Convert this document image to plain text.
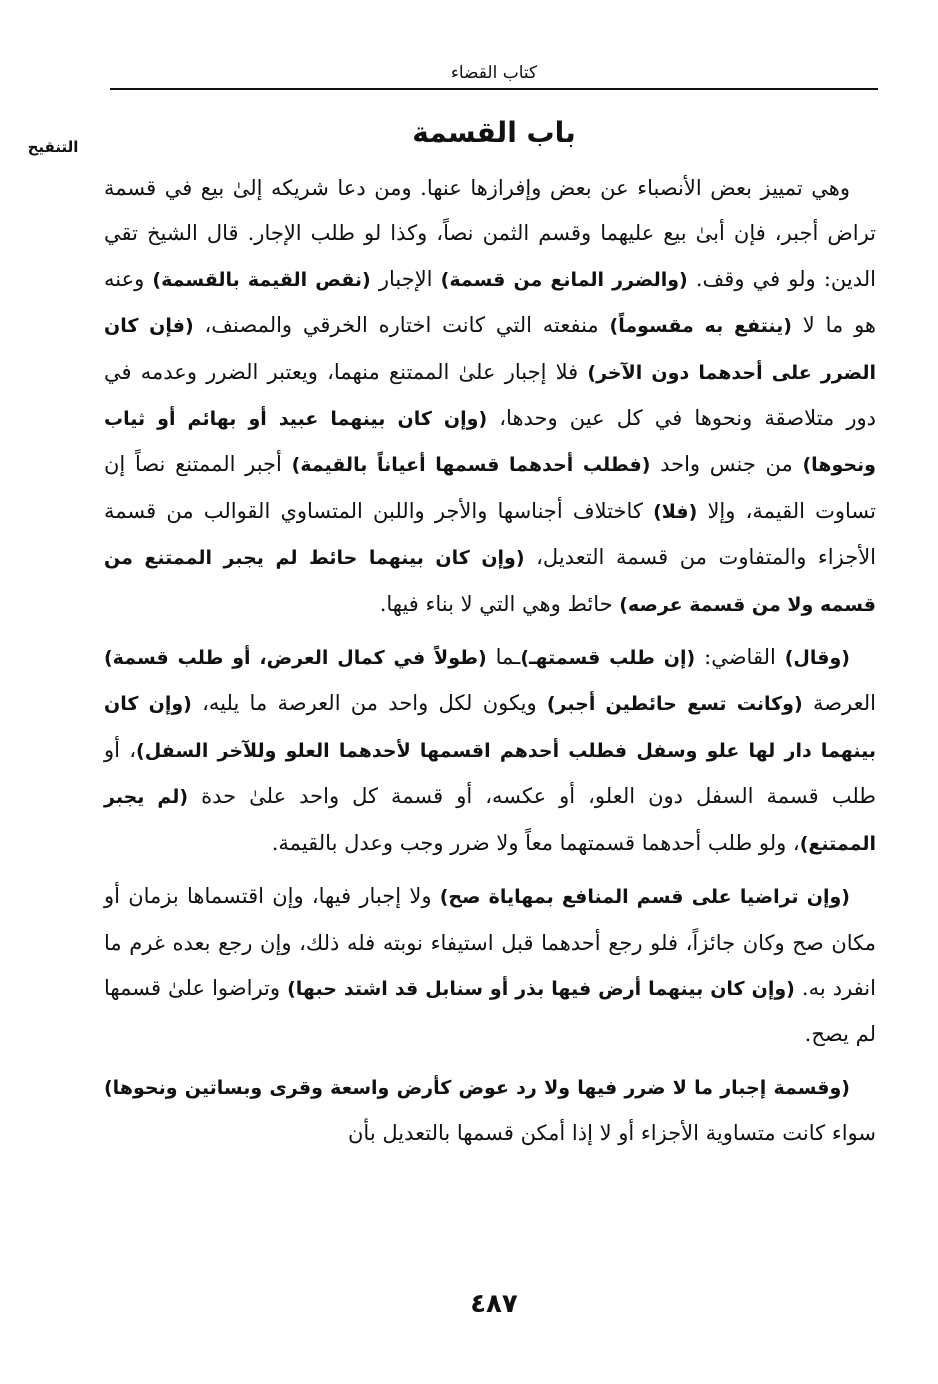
كتاب القضاء
التنقيح	باب القسمة

وهي تمييز بعض الأنصباء عن بعض وإفرازها عنها. ومن دعا شريكه إلىٰ بيع في قسمة تراض أجبر، فإن أبىٰ بيع عليهما وقسم الثمن نصاً، وكذا لو طلب الإجار. قال الشيخ تقي الدين: ولو في وقف. (والضرر المانع من قسمة) الإجبار (نقص القيمة بالقسمة) وعنه هو ما لا (ينتفع به مقسوماً) منفعته التي كانت اختاره الخرقي والمصنف، (فإن كان الضرر على أحدهما دون الآخر) فلا إجبار علىٰ الممتنع منهما، ويعتبر الضرر وعدمه في دور متلاصقة ونحوها في كل عين وحدها، (وإن كان بينهما عبيد أو بهائم أو ثياب ونحوها) من جنس واحد (فطلب أحدهما قسمها أعياناً بالقيمة) أجبر الممتنع نصاً إن تساوت القيمة، وإلا (فلا) كاختلاف أجناسها والأجر واللبن المتساوي القوالب من قسمة الأجزاء والمتفاوت من قسمة التعديل، (وإن كان بينهما حائط لم يجبر الممتنع من قسمه ولا من قسمة عرصه) حائط وهي التي لا بناء فيها.

(وقال) القاضي: (إن طلب قسمتهـ)ـما (طولاً في كمال العرض، أو طلب قسمة) العرصة (وكانت تسع حائطين أجبر) ويكون لكل واحد من العرصة ما يليه، (وإن كان بينهما دار لها علو وسفل فطلب أحدهم اقسمها لأحدهما العلو وللآخر السفل)، أو طلب قسمة السفل دون العلو، أو عكسه، أو قسمة كل واحد علىٰ حدة (لم يجبر الممتنع)، ولو طلب أحدهما قسمتهما معاً ولا ضرر وجب وعدل بالقيمة.

(وإن تراضيا على قسم المنافع بمهاياة صح) ولا إجبار فيها، وإن اقتسماها بزمان أو مكان صح وكان جائزاً، فلو رجع أحدهما قبل استيفاء نوبته فله ذلك، وإن رجع بعده غرم ما انفرد به. (وإن كان بينهما أرض فيها بذر أو سنابل قد اشتد حبها) وتراضوا علىٰ قسمها لم يصح.

(وقسمة إجبار ما لا ضرر فيها ولا رد عوض كأرض واسعة وقرى وبساتين ونحوها) سواء كانت متساوية الأجزاء أو لا إذا أمكن قسمها بالتعديل بأن

٤٨٧
